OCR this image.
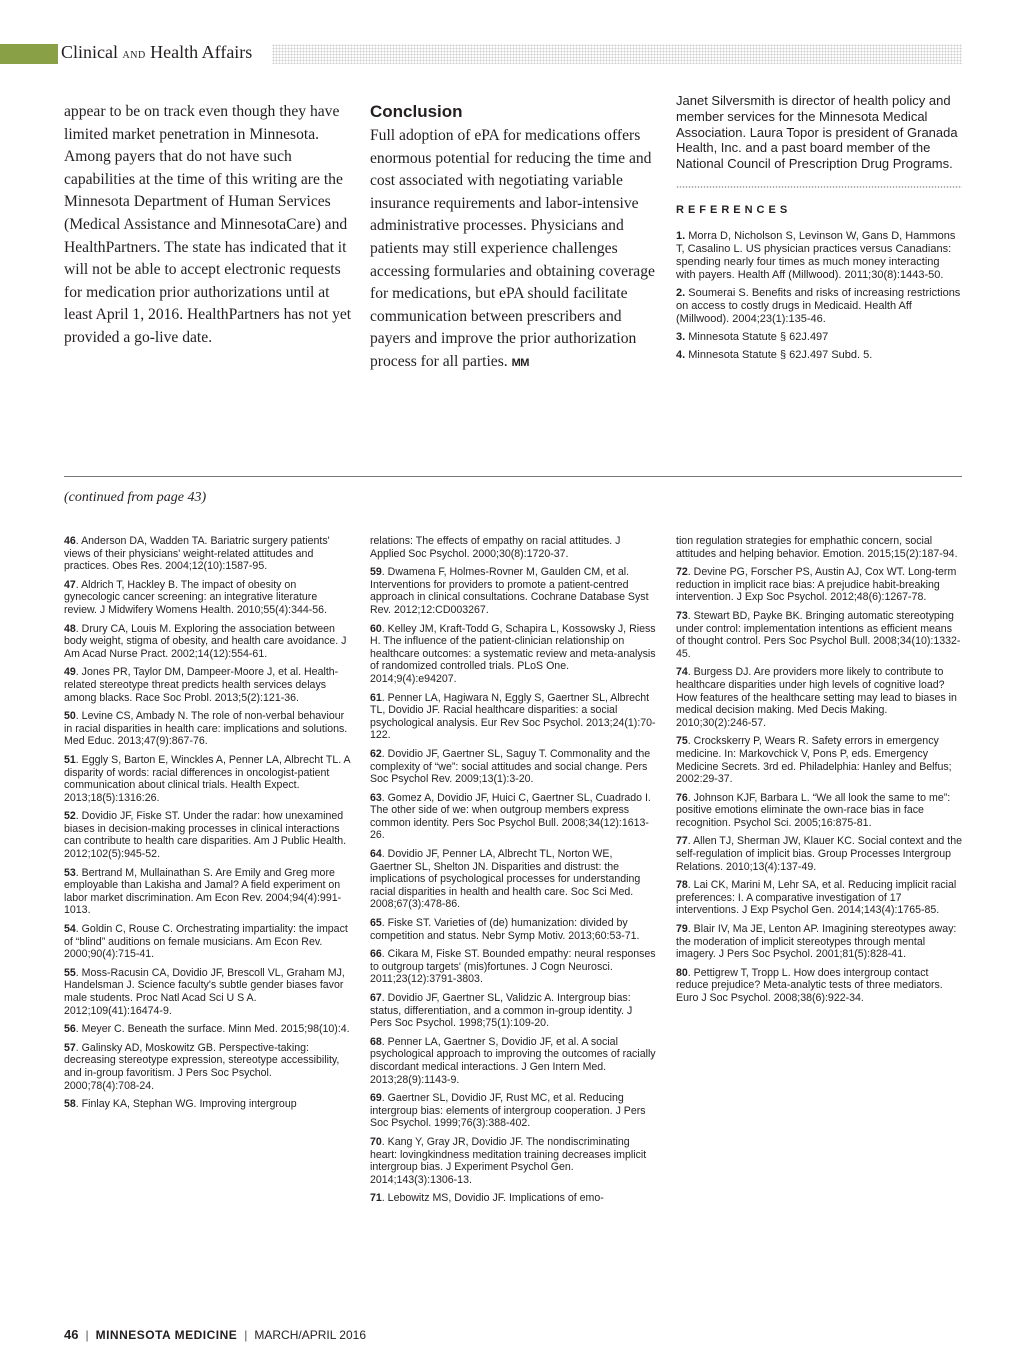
Clinical AND Health Affairs

appear to be on track even though they have limited market penetration in Minnesota. Among payers that do not have such capabilities at the time of this writing are the Minnesota Department of Human Services (Medical Assistance and MinnesotaCare) and HealthPartners. The state has indicated that it will not be able to accept electronic requests for medication prior authorizations until at least April 1, 2016. HealthPartners has not yet provided a go-live date.

Conclusion

Full adoption of ePA for medications offers enormous potential for reducing the time and cost associated with negotiating variable insurance requirements and labor-intensive administrative processes. Physicians and patients may still experience challenges accessing formularies and obtaining coverage for medications, but ePA should facilitate communication between prescribers and payers and improve the prior authorization process for all parties. MM

Janet Silversmith is director of health policy and member services for the Minnesota Medical Association. Laura Topor is president of Granada Health, Inc. and a past board member of the National Council of Prescription Drug Programs.

REFERENCES

1. Morra D, Nicholson S, Levinson W, Gans D, Hammons T, Casalino L. US physician practices versus Canadians: spending nearly four times as much money interacting with payers. Health Aff (Millwood). 2011;30(8):1443-50.

2. Soumerai S. Benefits and risks of increasing restrictions on access to costly drugs in Medicaid. Health Aff (Millwood). 2004;23(1):135-46.

3. Minnesota Statute § 62J.497

4. Minnesota Statute § 62J.497 Subd. 5.

(continued from page 43)

46. Anderson DA, Wadden TA. Bariatric surgery patients' views of their physicians' weight-related attitudes and practices. Obes Res. 2004;12(10):1587-95.

47. Aldrich T, Hackley B. The impact of obesity on gynecologic cancer screening: an integrative literature review. J Midwifery Womens Health. 2010;55(4):344-56.

48. Drury CA, Louis M. Exploring the association between body weight, stigma of obesity, and health care avoidance. J Am Acad Nurse Pract. 2002;14(12):554-61.

49. Jones PR, Taylor DM, Dampeer-Moore J, et al. Health-related stereotype threat predicts health services delays among blacks. Race Soc Probl. 2013;5(2):121-36.

50. Levine CS, Ambady N. The role of non-verbal behaviour in racial disparities in health care: implications and solutions. Med Educ. 2013;47(9):867-76.

51. Eggly S, Barton E, Winckles A, Penner LA, Albrecht TL. A disparity of words: racial differences in oncologist-patient communication about clinical trials. Health Expect. 2013;18(5):1316:26.

52. Dovidio JF, Fiske ST. Under the radar: how unexamined biases in decision-making processes in clinical interactions can contribute to health care disparities. Am J Public Health. 2012;102(5):945-52.

53. Bertrand M, Mullainathan S. Are Emily and Greg more employable than Lakisha and Jamal? A field experiment on labor market discrimination. Am Econ Rev. 2004;94(4):991-1013.

54. Goldin C, Rouse C. Orchestrating impartiality: the impact of “blind” auditions on female musicians. Am Econ Rev. 2000;90(4):715-41.

55. Moss-Racusin CA, Dovidio JF, Brescoll VL, Graham MJ, Handelsman J. Science faculty's subtle gender biases favor male students. Proc Natl Acad Sci U S A. 2012;109(41):16474-9.

56. Meyer C. Beneath the surface. Minn Med. 2015;98(10):4.

57. Galinsky AD, Moskowitz GB. Perspective-taking: decreasing stereotype expression, stereotype accessibility, and in-group favoritism. J Pers Soc Psychol. 2000;78(4):708-24.

58. Finlay KA, Stephan WG. Improving intergroup

relations: The effects of empathy on racial attitudes. J Applied Soc Psychol. 2000;30(8):1720-37.

59. Dwamena F, Holmes-Rovner M, Gaulden CM, et al. Interventions for providers to promote a patient-centred approach in clinical consultations. Cochrane Database Syst Rev. 2012;12:CD003267.

60. Kelley JM, Kraft-Todd G, Schapira L, Kossowsky J, Riess H. The influence of the patient-clinician relationship on healthcare outcomes: a systematic review and meta-analysis of randomized controlled trials. PLoS One. 2014;9(4):e94207.

61. Penner LA, Hagiwara N, Eggly S, Gaertner SL, Albrecht TL, Dovidio JF. Racial healthcare disparities: a social psychological analysis. Eur Rev Soc Psychol. 2013;24(1):70-122.

62. Dovidio JF, Gaertner SL, Saguy T. Commonality and the complexity of “we”: social attitudes and social change. Pers Soc Psychol Rev. 2009;13(1):3-20.

63. Gomez A, Dovidio JF, Huici C, Gaertner SL, Cuadrado I. The other side of we: when outgroup members express common identity. Pers Soc Psychol Bull. 2008;34(12):1613-26.

64. Dovidio JF, Penner LA, Albrecht TL, Norton WE, Gaertner SL, Shelton JN. Disparities and distrust: the implications of psychological processes for understanding racial disparities in health and health care. Soc Sci Med. 2008;67(3):478-86.

65. Fiske ST. Varieties of (de) humanization: divided by competition and status. Nebr Symp Motiv. 2013;60:53-71.

66. Cikara M, Fiske ST. Bounded empathy: neural responses to outgroup targets' (mis)fortunes. J Cogn Neurosci. 2011;23(12):3791-3803.

67. Dovidio JF, Gaertner SL, Validzic A. Intergroup bias: status, differentiation, and a common in-group identity. J Pers Soc Psychol. 1998;75(1):109-20.

68. Penner LA, Gaertner S, Dovidio JF, et al. A social psychological approach to improving the outcomes of racially discordant medical interactions. J Gen Intern Med. 2013;28(9):1143-9.

69. Gaertner SL, Dovidio JF, Rust MC, et al. Reducing intergroup bias: elements of intergroup cooperation. J Pers Soc Psychol. 1999;76(3):388-402.

70. Kang Y, Gray JR, Dovidio JF. The nondiscriminating heart: lovingkindness meditation training decreases implicit intergroup bias. J Experiment Psychol Gen. 2014;143(3):1306-13.

71. Lebowitz MS, Dovidio JF. Implications of emo-

tion regulation strategies for emphathic concern, social attitudes and helping behavior. Emotion. 2015;15(2):187-94.

72. Devine PG, Forscher PS, Austin AJ, Cox WT. Long-term reduction in implicit race bias: A prejudice habit-breaking intervention. J Exp Soc Psychol. 2012;48(6):1267-78.

73. Stewart BD, Payke BK. Bringing automatic stereotyping under control: implementation intentions as efficient means of thought control. Pers Soc Psychol Bull. 2008;34(10):1332-45.

74. Burgess DJ. Are providers more likely to contribute to healthcare disparities under high levels of cognitive load? How features of the healthcare setting may lead to biases in medical decision making. Med Decis Making. 2010;30(2):246-57.

75. Crockskerry P, Wears R. Safety errors in emergency medicine. In: Markovchick V, Pons P, eds. Emergency Medicine Secrets. 3rd ed. Philadelphia: Hanley and Belfus; 2002:29-37.

76. Johnson KJF, Barbara L. “We all look the same to me”: positive emotions eliminate the own-race bias in face recognition. Psychol Sci. 2005;16:875-81.

77. Allen TJ, Sherman JW, Klauer KC. Social context and the self-regulation of implicit bias. Group Processes Intergroup Relations. 2010;13(4):137-49.

78. Lai CK, Marini M, Lehr SA, et al. Reducing implicit racial preferences: I. A comparative investigation of 17 interventions. J Exp Psychol Gen. 2014;143(4):1765-85.

79. Blair IV, Ma JE, Lenton AP. Imagining stereotypes away: the moderation of implicit stereotypes through mental imagery. J Pers Soc Psychol. 2001;81(5):828-41.

80. Pettigrew T, Tropp L. How does intergroup contact reduce prejudice? Meta-analytic tests of three mediators. Euro J Soc Psychol. 2008;38(6):922-34.

46 | MINNESOTA MEDICINE | MARCH/APRIL 2016
